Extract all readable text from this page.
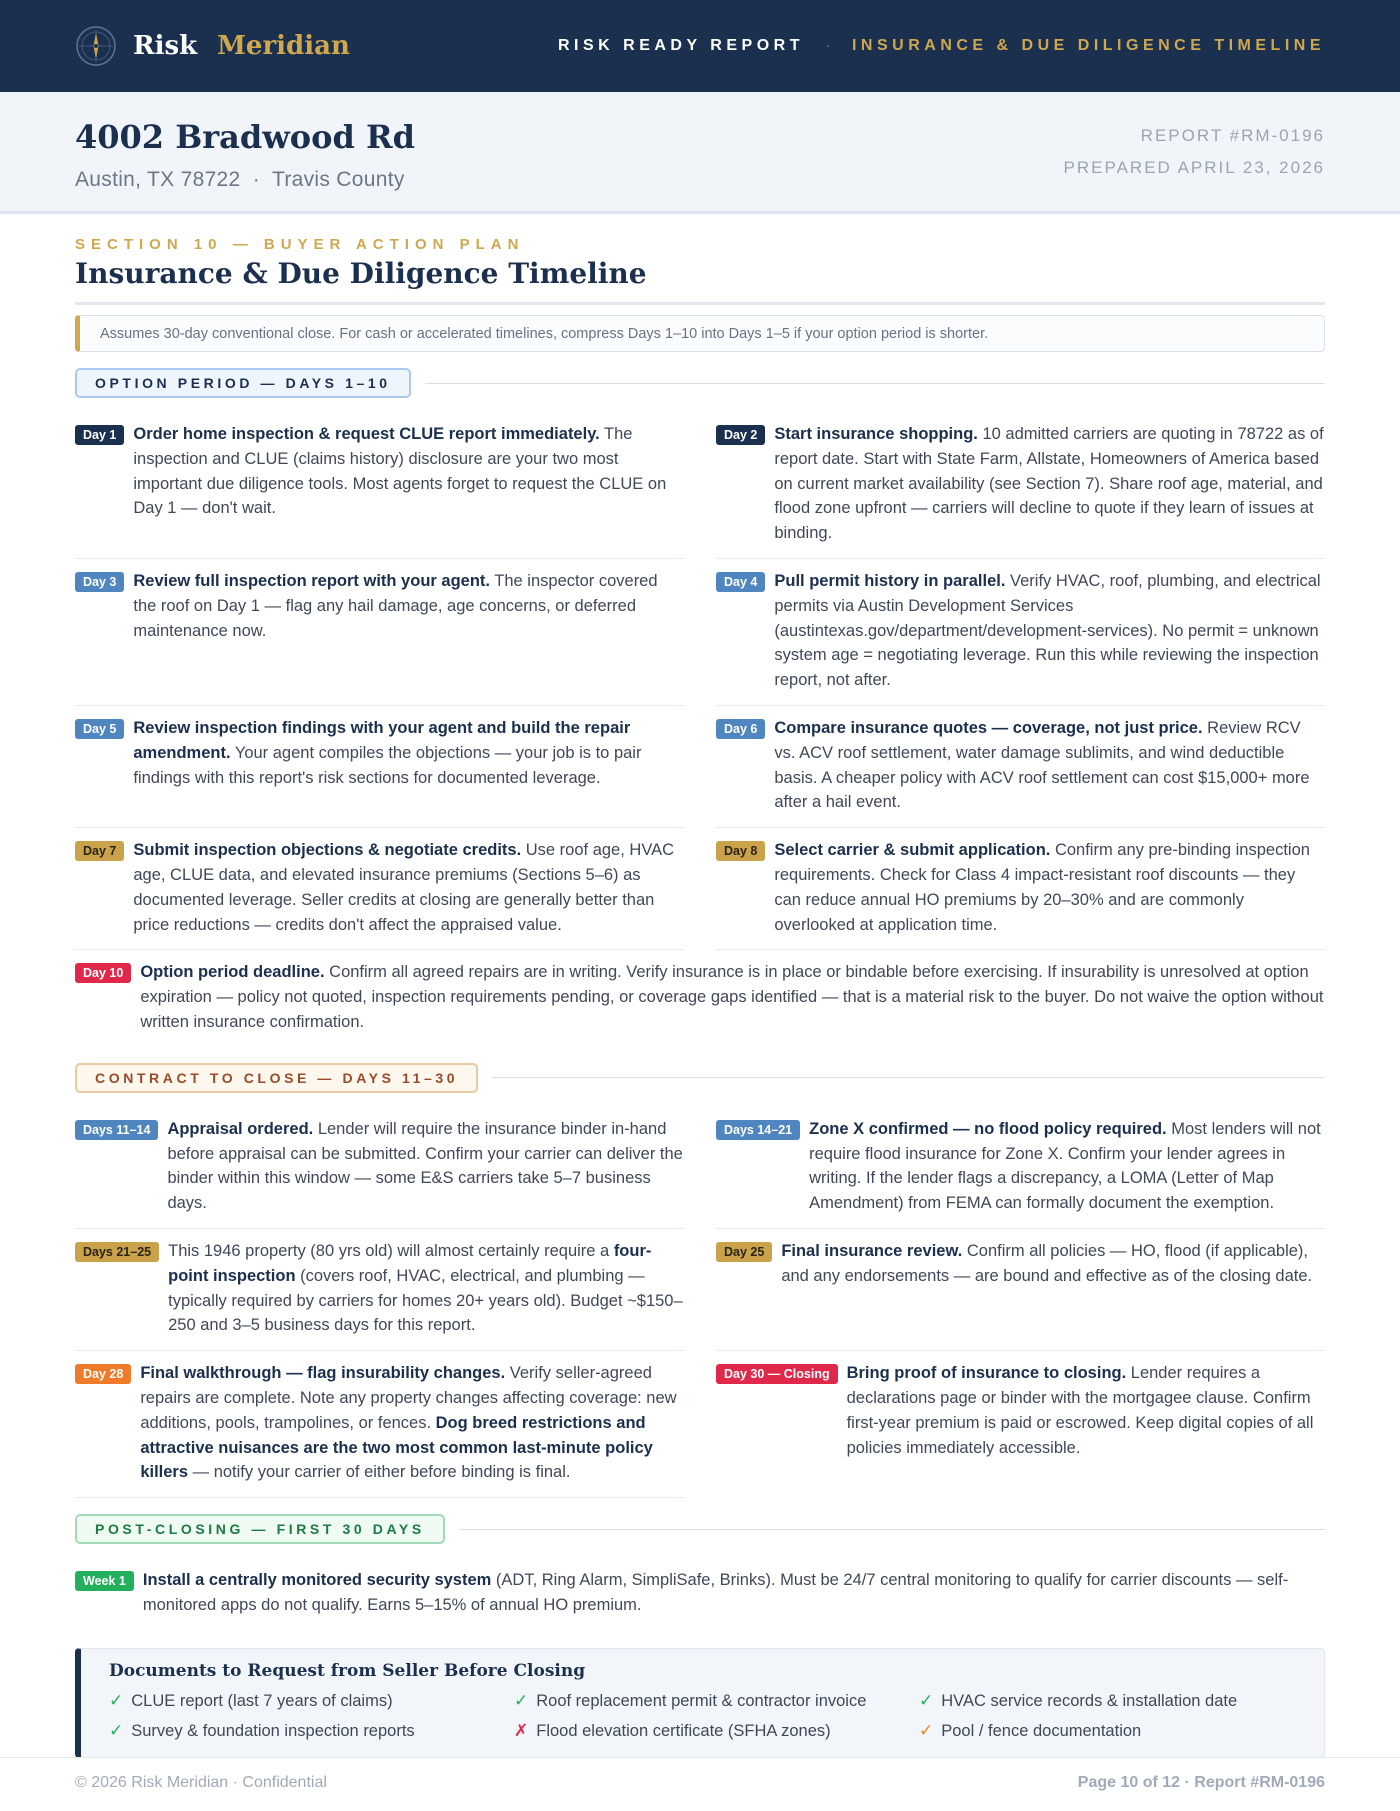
Risk Meridian	RISK READY REPORT · INSURANCE & DUE DILIGENCE TIMELINE
4002 Bradwood Rd
Austin, TX 78722  ·  Travis County
REPORT #RM-0196
PREPARED APRIL 23, 2026
SECTION 10 — BUYER ACTION PLAN
Insurance & Due Diligence Timeline
Assumes 30-day conventional close. For cash or accelerated timelines, compress Days 1–10 into Days 1–5 if your option period is shorter.
OPTION PERIOD — DAYS 1–10
Day 1	Order home inspection & request CLUE report immediately. The inspection and CLUE (claims history) disclosure are your two most important due diligence tools. Most agents forget to request the CLUE on Day 1 — don't wait.
Day 2	Start insurance shopping. 10 admitted carriers are quoting in 78722 as of report date. Start with State Farm, Allstate, Homeowners of America based on current market availability (see Section 7). Share roof age, material, and flood zone upfront — carriers will decline to quote if they learn of issues at binding.
Day 3	Review full inspection report with your agent. The inspector covered the roof on Day 1 — flag any hail damage, age concerns, or deferred maintenance now.
Day 4	Pull permit history in parallel. Verify HVAC, roof, plumbing, and electrical permits via Austin Development Services (austintexas.gov/department/development-services). No permit = unknown system age = negotiating leverage. Run this while reviewing the inspection report, not after.
Day 5	Review inspection findings with your agent and build the repair amendment. Your agent compiles the objections — your job is to pair findings with this report's risk sections for documented leverage.
Day 6	Compare insurance quotes — coverage, not just price. Review RCV vs. ACV roof settlement, water damage sublimits, and wind deductible basis. A cheaper policy with ACV roof settlement can cost $15,000+ more after a hail event.
Day 7	Submit inspection objections & negotiate credits. Use roof age, HVAC age, CLUE data, and elevated insurance premiums (Sections 5–6) as documented leverage. Seller credits at closing are generally better than price reductions — credits don't affect the appraised value.
Day 8	Select carrier & submit application. Confirm any pre-binding inspection requirements. Check for Class 4 impact-resistant roof discounts — they can reduce annual HO premiums by 20–30% and are commonly overlooked at application time.
Day 10	Option period deadline. Confirm all agreed repairs are in writing. Verify insurance is in place or bindable before exercising. If insurability is unresolved at option expiration — policy not quoted, inspection requirements pending, or coverage gaps identified — that is a material risk to the buyer. Do not waive the option without written insurance confirmation.
CONTRACT TO CLOSE — DAYS 11–30
Days 11–14	Appraisal ordered. Lender will require the insurance binder in-hand before appraisal can be submitted. Confirm your carrier can deliver the binder within this window — some E&S carriers take 5–7 business days.
Days 14–21	Zone X confirmed — no flood policy required. Most lenders will not require flood insurance for Zone X. Confirm your lender agrees in writing. If the lender flags a discrepancy, a LOMA (Letter of Map Amendment) from FEMA can formally document the exemption.
Days 21–25	This 1946 property (80 yrs old) will almost certainly require a four-point inspection (covers roof, HVAC, electrical, and plumbing — typically required by carriers for homes 20+ years old). Budget ~$150–250 and 3–5 business days for this report.
Day 25	Final insurance review. Confirm all policies — HO, flood (if applicable), and any endorsements — are bound and effective as of the closing date.
Day 28	Final walkthrough — flag insurability changes. Verify seller-agreed repairs are complete. Note any property changes affecting coverage: new additions, pools, trampolines, or fences. Dog breed restrictions and attractive nuisances are the two most common last-minute policy killers — notify your carrier of either before binding is final.
Day 30 — Closing	Bring proof of insurance to closing. Lender requires a declarations page or binder with the mortgagee clause. Confirm first-year premium is paid or escrowed. Keep digital copies of all policies immediately accessible.
POST-CLOSING — FIRST 30 DAYS
Week 1	Install a centrally monitored security system (ADT, Ring Alarm, SimpliSafe, Brinks). Must be 24/7 central monitoring to qualify for carrier discounts — self-monitored apps do not qualify. Earns 5–15% of annual HO premium.
Documents to Request from Seller Before Closing
✓ CLUE report (last 7 years of claims)	✓ Roof replacement permit & contractor invoice	✓ HVAC service records & installation date
✓ Survey & foundation inspection reports	✗ Flood elevation certificate (SFHA zones)	✓ Pool / fence documentation
© 2026 Risk Meridian · Confidential	Page 10 of 12 · Report #RM-0196
